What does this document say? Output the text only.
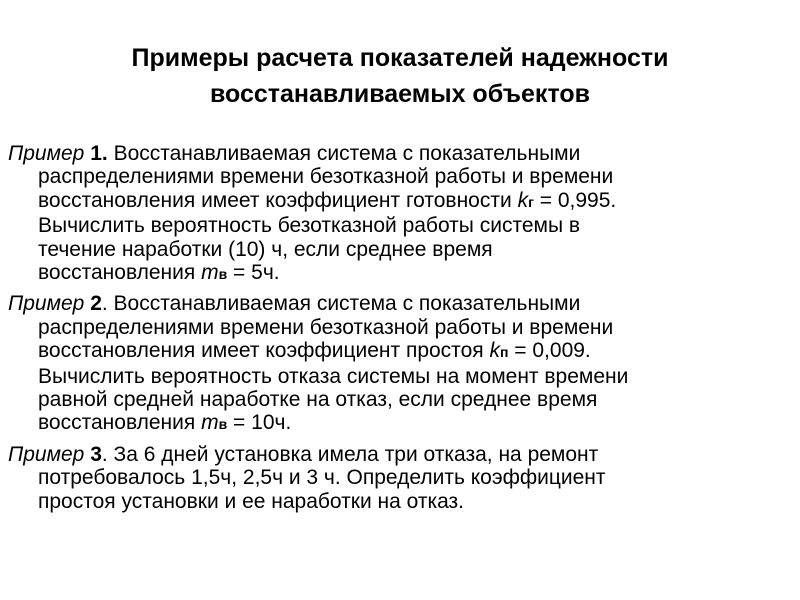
Примеры расчета показателей надежности
восстанавливаемых объектов
Пример 1. Восстанавливаемая система с показательными
распределениями времени безотказной работы и времени
восстановления имеет коэффициент готовности kг = 0,995.
Вычислить вероятность безотказной работы системы в
течение наработки (10) ч, если среднее время
восстановления mв = 5ч.
Пример 2. Восстанавливаемая система с показательными
распределениями времени безотказной работы и времени
восстановления имеет коэффициент простоя kп = 0,009.
Вычислить вероятность отказа системы на момент времени
равной средней наработке на отказ, если среднее время
восстановления mв = 10ч.
Пример 3. За 6 дней установка имела три отказа, на ремонт
потребовалось 1,5ч, 2,5ч и 3 ч. Определить коэффициент
простоя установки и ее наработки на отказ.
